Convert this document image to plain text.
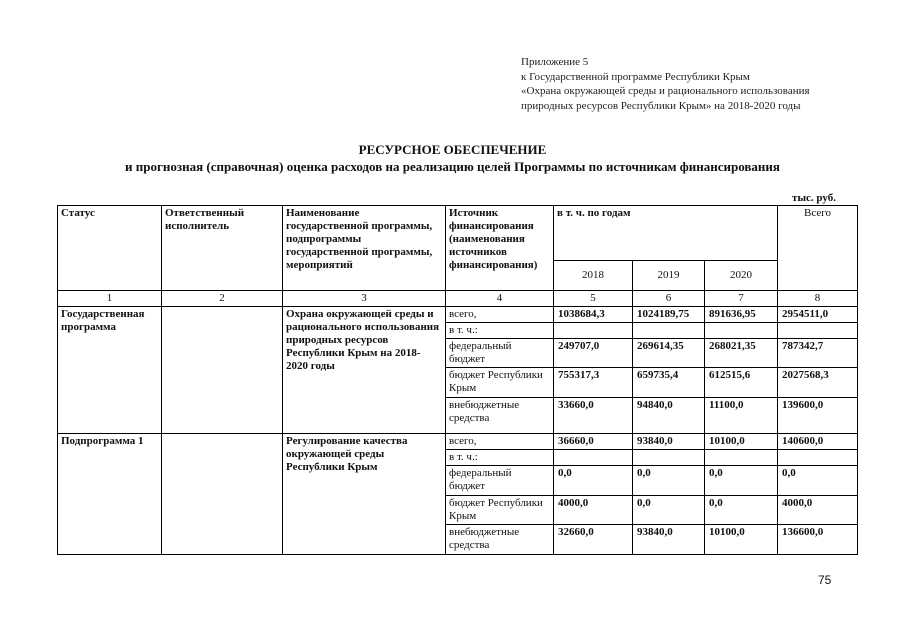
Приложение 5
к Государственной программе Республики Крым
«Охрана окружающей среды и рационального использования
природных ресурсов Республики Крым» на 2018-2020 годы
РЕСУРСНОЕ ОБЕСПЕЧЕНИЕ
и прогнозная (справочная) оценка расходов на реализацию целей Программы по источникам финансирования
тыс. руб.
Статус	Ответственный исполнитель	Наименование государственной программы, подпрограммы государственной программы, мероприятий	Источник финансирования (наименования источников финансирования)	в т. ч. по годам			Всего
				2018	2019	2020	
1	2	3	4	5	6	7	8
Государственная программа		Охрана окружающей среды и рационального использования природных ресурсов Республики Крым на 2018-2020 годы	всего,	1038684,3	1024189,75	891636,95	2954511,0
			в т. ч.:				
			федеральный бюджет	249707,0	269614,35	268021,35	787342,7
			бюджет Республики Крым	755317,3	659735,4	612515,6	2027568,3
			внебюджетные средства	33660,0	94840,0	11100,0	139600,0
Подпрограмма 1		Регулирование качества окружающей среды Республики Крым	всего,	36660,0	93840,0	10100,0	140600,0
			в т. ч.:				
			федеральный бюджет	0,0	0,0	0,0	0,0
			бюджет Республики Крым	4000,0	0,0	0,0	4000,0
			внебюджетные средства	32660,0	93840,0	10100,0	136600,0
75
